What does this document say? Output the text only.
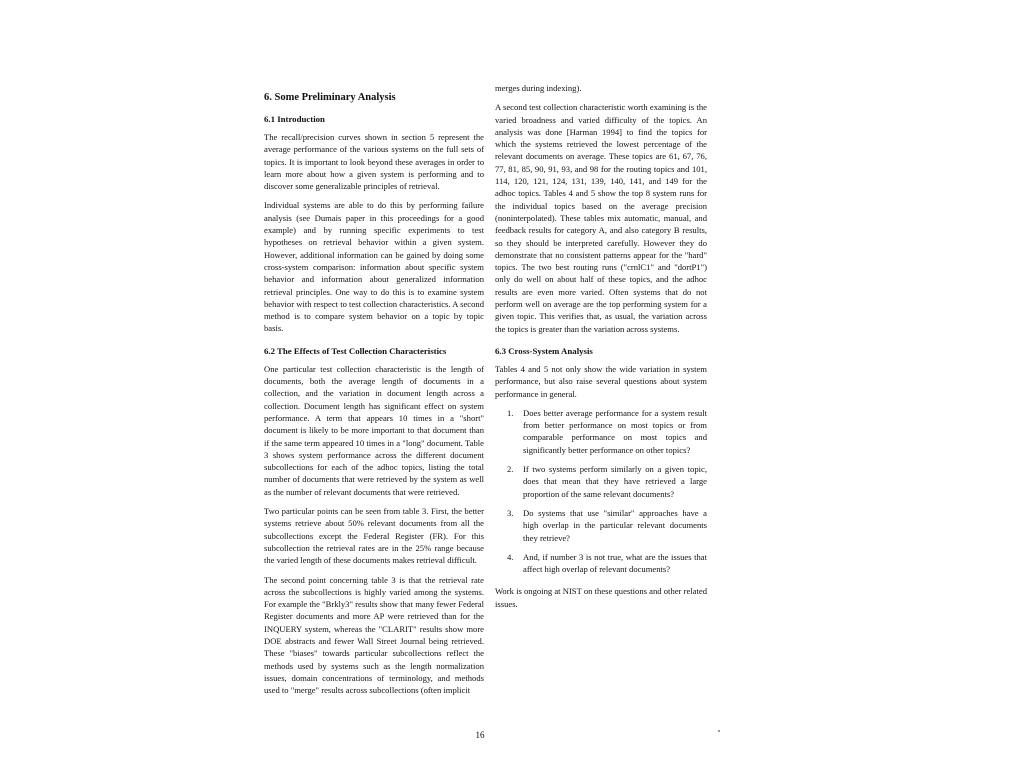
6. Some Preliminary Analysis
6.1 Introduction

The recall/precision curves shown in section 5 represent the average performance of the various systems on the full sets of topics. It is important to look beyond these averages in order to learn more about how a given system is performing and to discover some generalizable principles of retrieval.

Individual systems are able to do this by performing failure analysis (see Dumais paper in this proceedings for a good example) and by running specific experiments to test hypotheses on retrieval behavior within a given system. However, additional information can be gained by doing some cross-system comparison: information about specific system behavior and information about generalized information retrieval principles. One way to do this is to examine system behavior with respect to test collection characteristics. A second method is to compare system behavior on a topic by topic basis.

6.2 The Effects of Test Collection Characteristics

One particular test collection characteristic is the length of documents, both the average length of documents in a collection, and the variation in document length across a collection. Document length has significant effect on system performance. A term that appears 10 times in a "short" document is likely to be more important to that document than if the same term appeared 10 times in a "long" document. Table 3 shows system performance across the different document subcollections for each of the adhoc topics, listing the total number of documents that were retrieved by the system as well as the number of relevant documents that were retrieved.

Two particular points can be seen from table 3. First, the better systems retrieve about 50% relevant documents from all the subcollections except the Federal Register (FR). For this subcollection the retrieval rates are in the 25% range because the varied length of these documents makes retrieval difficult.

The second point concerning table 3 is that the retrieval rate across the subcollections is highly varied among the systems. For example the "Brkly3" results show that many fewer Federal Register documents and more AP were retrieved than for the INQUERY system, whereas the "CLARIT" results show more DOE abstracts and fewer Wall Street Journal being retrieved. These "biases" towards particular subcollections reflect the methods used by systems such as the length normalization issues, domain concentrations of terminology, and methods used to "merge" results across subcollections (often implicit

merges during indexing).

A second test collection characteristic worth examining is the varied broadness and varied difficulty of the topics. An analysis was done [Harman 1994] to find the topics for which the systems retrieved the lowest percentage of the relevant documents on average. These topics are 61, 67, 76, 77, 81, 85, 90, 91, 93, and 98 for the routing topics and 101, 114, 120, 121, 124, 131, 139, 140, 141, and 149 for the adhoc topics. Tables 4 and 5 show the top 8 system runs for the individual topics based on the average precision (noninterpolated). These tables mix automatic, manual, and feedback results for category A, and also category B results, so they should be interpreted carefully. However they do demonstrate that no consistent patterns appear for the "hard" topics. The two best routing runs ("crnlC1" and "dortP1") only do well on about half of these topics, and the adhoc results are even more varied. Often systems that do not perform well on average are the top performing system for a given topic. This verifies that, as usual, the variation across the topics is greater than the variation across systems.

6.3 Cross-System Analysis

Tables 4 and 5 not only show the wide variation in system performance, but also raise several questions about system performance in general.

1. Does better average performance for a system result from better performance on most topics or from comparable performance on most topics and significantly better performance on other topics?
2. If two systems perform similarly on a given topic, does that mean that they have retrieved a large proportion of the same relevant documents?
3. Do systems that use "similar" approaches have a high overlap in the particular relevant documents they retrieve?
4. And, if number 3 is not true, what are the issues that affect high overlap of relevant documents?

Work is ongoing at NIST on these questions and other related issues.

16
